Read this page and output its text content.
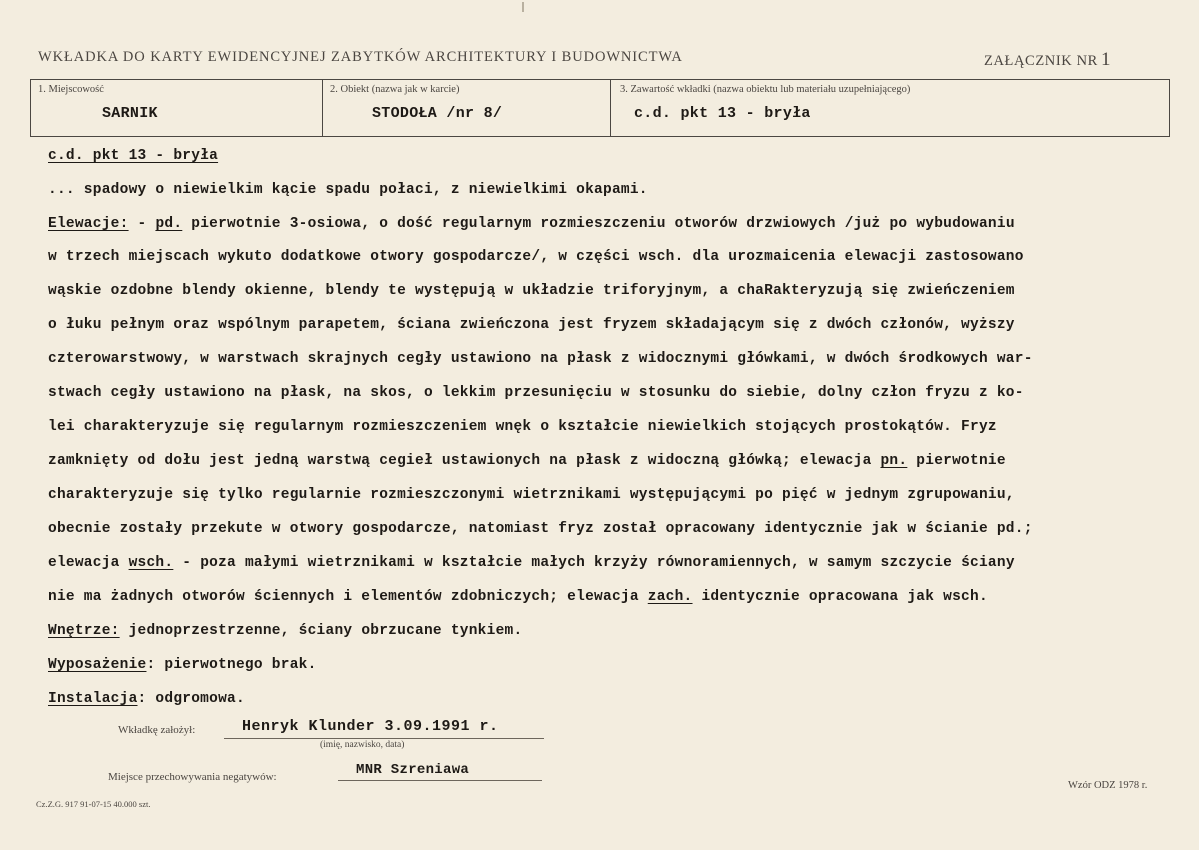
WKŁADKA DO KARTY EWIDENCYJNEJ ZABYTKÓW ARCHITEKTURY I BUDOWNICTWA	ZAŁĄCZNIK NR 1
1. Miejscowość
SARNIK
2. Obiekt (nazwa jak w karcie)
STODOŁA /nr 8/
3. Zawartość wkładki (nazwa obiektu lub materiału uzupełniającego)
c.d. pkt 13 - bryła
c.d. pkt 13 - bryła
... spadowy o niewielkim kącie spadu połaci, z niewielkimi okapami.
Elewacje: - pd. pierwotnie 3-osiowa, o dość regularnym rozmieszczeniu otworów drzwiowych /już po wybudowaniu
w trzech miejscach wykuto dodatkowe otwory gospodarcze/, w części wsch. dla urozmaicenia elewacji zastosowano
wąskie ozdobne blendy okienne, blendy te występują w układzie triforyjnym, a chaRakteryzują się zwieńczeniem
o łuku pełnym oraz wspólnym parapetem, ściana zwieńczona jest fryzem składającym się z dwóch członów, wyższy
czterowarstwowy, w warstwach skrajnych cegły ustawiono na płask z widocznymi główkami, w dwóch środkowych war-
stwach cegły ustawiono na płask, na skos, o lekkim przesunięciu w stosunku do siebie, dolny człon fryzu z ko-
lei charakteryzuje się regularnym rozmieszczeniem wnęk o kształcie niewielkich stojących prostokątów. Fryz
zamknięty od dołu jest jedną warstwą cegieł ustawionych na płask z widoczną główką; elewacja pn. pierwotnie
charakteryzuje się tylko regularnie rozmieszczonymi wietrznikami występującymi po pięć w jednym zgrupowaniu,
obecnie zostały przekute w otwory gospodarcze, natomiast fryz został opracowany identycznie jak w ścianie pd.;
elewacja wsch. - poza małymi wietrznikami w kształcie małych krzyży równoramiennych, w samym szczycie ściany
nie ma żadnych otworów ściennych i elementów zdobniczych; elewacja zach. identycznie opracowana jak wsch.
Wnętrze: jednoprzestrzenne, ściany obrzucane tynkiem.
Wyposażenie: pierwotnego brak.
Instalacja: odgromowa.
Wkładkę założył:	Henryk Klunder 3.09.1991 r.
(imię, nazwisko, data)
Miejsce przechowywania negatywów:	MNR Szreniawa
Wzór ODZ 1978 r.
Cz.Z.G. 917 91-07-15 40.000 szt.
